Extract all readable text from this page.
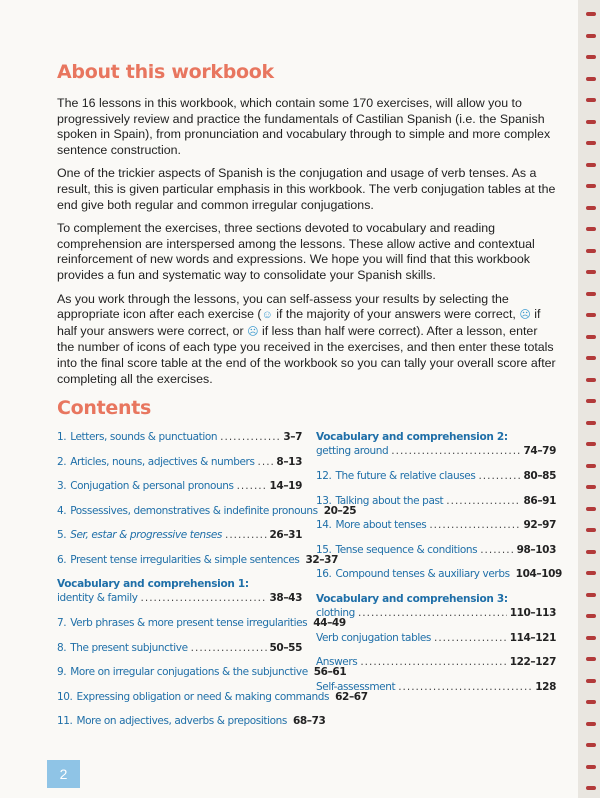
About this workbook

The 16 lessons in this workbook, which contain some 170 exercises, will allow you to progressively review and practice the fundamentals of Castilian Spanish (i.e. the Spanish spoken in Spain), from pronunciation and vocabulary through to simple and more complex sentence construction.

One of the trickier aspects of Spanish is the conjugation and usage of verb tenses. As a result, this is given particular emphasis in this workbook. The verb conjugation tables at the end give both regular and common irregular conjugations.

To complement the exercises, three sections devoted to vocabulary and reading comprehension are interspersed among the lessons. These allow active and contextual reinforcement of new words and expressions. We hope you will find that this workbook provides a fun and systematic way to consolidate your Spanish skills.

As you work through the lessons, you can self-assess your results by selecting the appropriate icon after each exercise (☺ if the majority of your answers were correct, ☹ if half your answers were correct, or ☹ if less than half were correct). After a lesson, enter the number of icons of each type you received in the exercises, and then enter these totals into the final score table at the end of the workbook so you can tally your overall score after completing all the exercises.

Contents
1. Letters, sounds & punctuation .....	3–7
2. Articles, nouns, adjectives & numbers ..... 8–13
3. Conjugation & personal pronouns .....	14–19
4. Possessives, demonstratives & indefinite pronouns 20–25
5. Ser, estar & progressive tenses .....	26–31
6. Present tense irregularities & simple sentences 32–37
Vocabulary and comprehension 1:
identity & family .....	38–43
7. Verb phrases & more present tense irregularities 44–49
8. The present subjunctive .....	50–55
9. More on irregular conjugations & the subjunctive 56–61
10. Expressing obligation or need & making commands 62–67
11. More on adjectives, adverbs & prepositions 68–73
Vocabulary and comprehension 2:
getting around .....	74–79
12. The future & relative clauses .....	80–85
13. Talking about the past .....	86–91
14. More about tenses .....	92–97
15. Tense sequence & conditions .....	98–103
16. Compound tenses & auxiliary verbs 104–109
Vocabulary and comprehension 3:
clothing .....	110–113
Verb conjugation tables .....	114–121
Answers .....	122–127
Self-assessment .....	128
2
